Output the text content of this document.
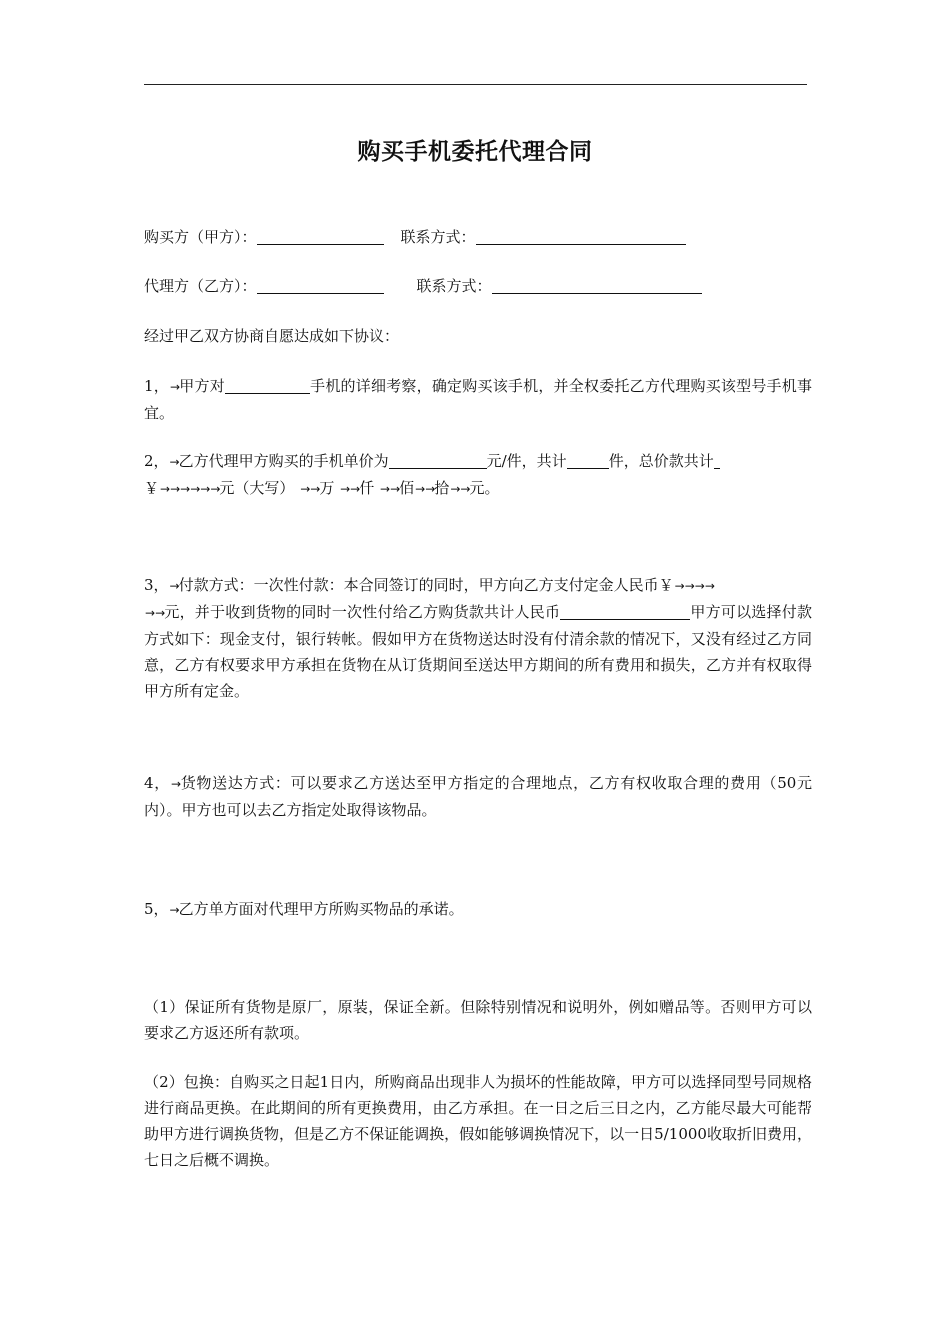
购买手机委托代理合同
购买方（甲方）：	联系方式：
代理方（乙方）：	联系方式：
经过甲乙双方协商自愿达成如下协议：
1，→甲方对	手机的详细考察，确定购买该手机，并全权委托乙方代理购买该型号手机事宜。
2，→乙方代理甲方购买的手机单价为	元/件，共计	件，总价款共计
￥→ → → → → →元（大写） → →万 → →仟 → →佰→ →拾→ →元。
3，→付款方式：一次性付款：本合同签订的同时，甲方向乙方支付定金人民币￥→ → → →
→ →元，并于收到货物的同时一次性付给乙方购货款共计人民币	甲方可以选择付款方式如下：现金支付，银行转帐。假如甲方在货物送达时没有付清余款的情况下，又没有经过乙方同意，乙方有权要求甲方承担在货物在从订货期间至送达甲方期间的所有费用和损失，乙方并有权取得甲方所有定金。
4，→货物送达方式：可以要求乙方送达至甲方指定的合理地点，乙方有权收取合理的费用（50元内）。甲方也可以去乙方指定处取得该物品。
5，→乙方单方面对代理甲方所购买物品的承诺。
（1）保证所有货物是原厂，原装，保证全新。但除特别情况和说明外，例如赠品等。否则甲方可以要求乙方返还所有款项。
（2）包换：自购买之日起1日内，所购商品出现非人为损坏的性能故障，甲方可以选择同型号同规格进行商品更换。在此期间的所有更换费用，由乙方承担。在一日之后三日之内，乙方能尽最大可能帮助甲方进行调换货物，但是乙方不保证能调换，假如能够调换情况下，以一日5/1000收取折旧费用，七日之后概不调换。
